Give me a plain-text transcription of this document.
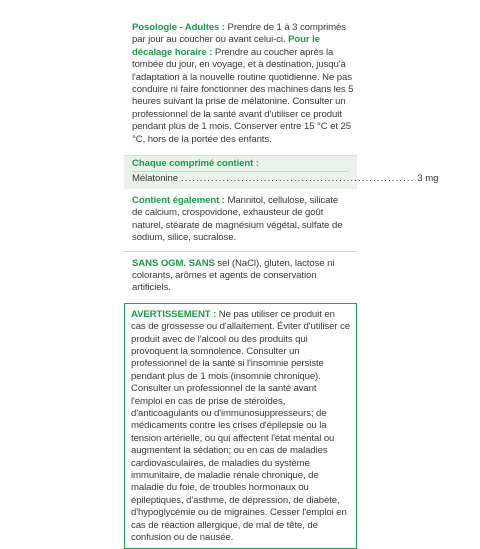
Posologie - Adultes : Prendre de 1 à 3 comprimés par jour au coucher ou avant celui-ci. Pour le décalage horaire : Prendre au coucher après la tombée du jour, en voyage, et à destination, jusqu'à l'adaptation à la nouvelle routine quotidienne. Ne pas conduire ni faire fonctionner des machines dans les 5 heures suivant la prise de mélatonine. Consulter un professionnel de la santé avant d'utiliser ce produit pendant plus de 1 mois. Conserver entre 15 °C et 25 °C, hors de la portée des enfants.

Chaque comprimé contient :
Mélatonine .............................................................. 3 mg

Contient également : Mannitol, cellulose, silicate de calcium, crospovidone, exhausteur de goût naturel, stéarate de magnésium végétal, sulfate de sodium, silice, sucralose.

SANS OGM. SANS sel (NaCl), gluten, lactose ni colorants, arômes et agents de conservation artificiels.

AVERTISSEMENT : Ne pas utiliser ce produit en cas de grossesse ou d'allaitement. Éviter d'utiliser ce produit avec de l'alcool ou des produits qui provoquent la somnolence. Consulter un professionnel de la santé si l'insomnie persiste pendant plus de 1 mois (insomnie chronique). Consulter un professionnel de la santé avant l'emploi en cas de prise de stéroïdes, d'anticoagulants ou d'immunosuppresseurs; de médicaments contre les crises d'épilepsie ou la tension artérielle, ou qui affectent l'état mental ou augmentent la sédation; ou en cas de maladies cardiovasculaires, de maladies du système immunitaire, de maladie rénale chronique, de maladie du foie, de troubles hormonaux ou épileptiques, d'asthme, de dépression, de diabète, d'hypoglycémie ou de migraines. Cesser l'emploi en cas de réaction allergique, de mal de tête, de confusion ou de nausée.
